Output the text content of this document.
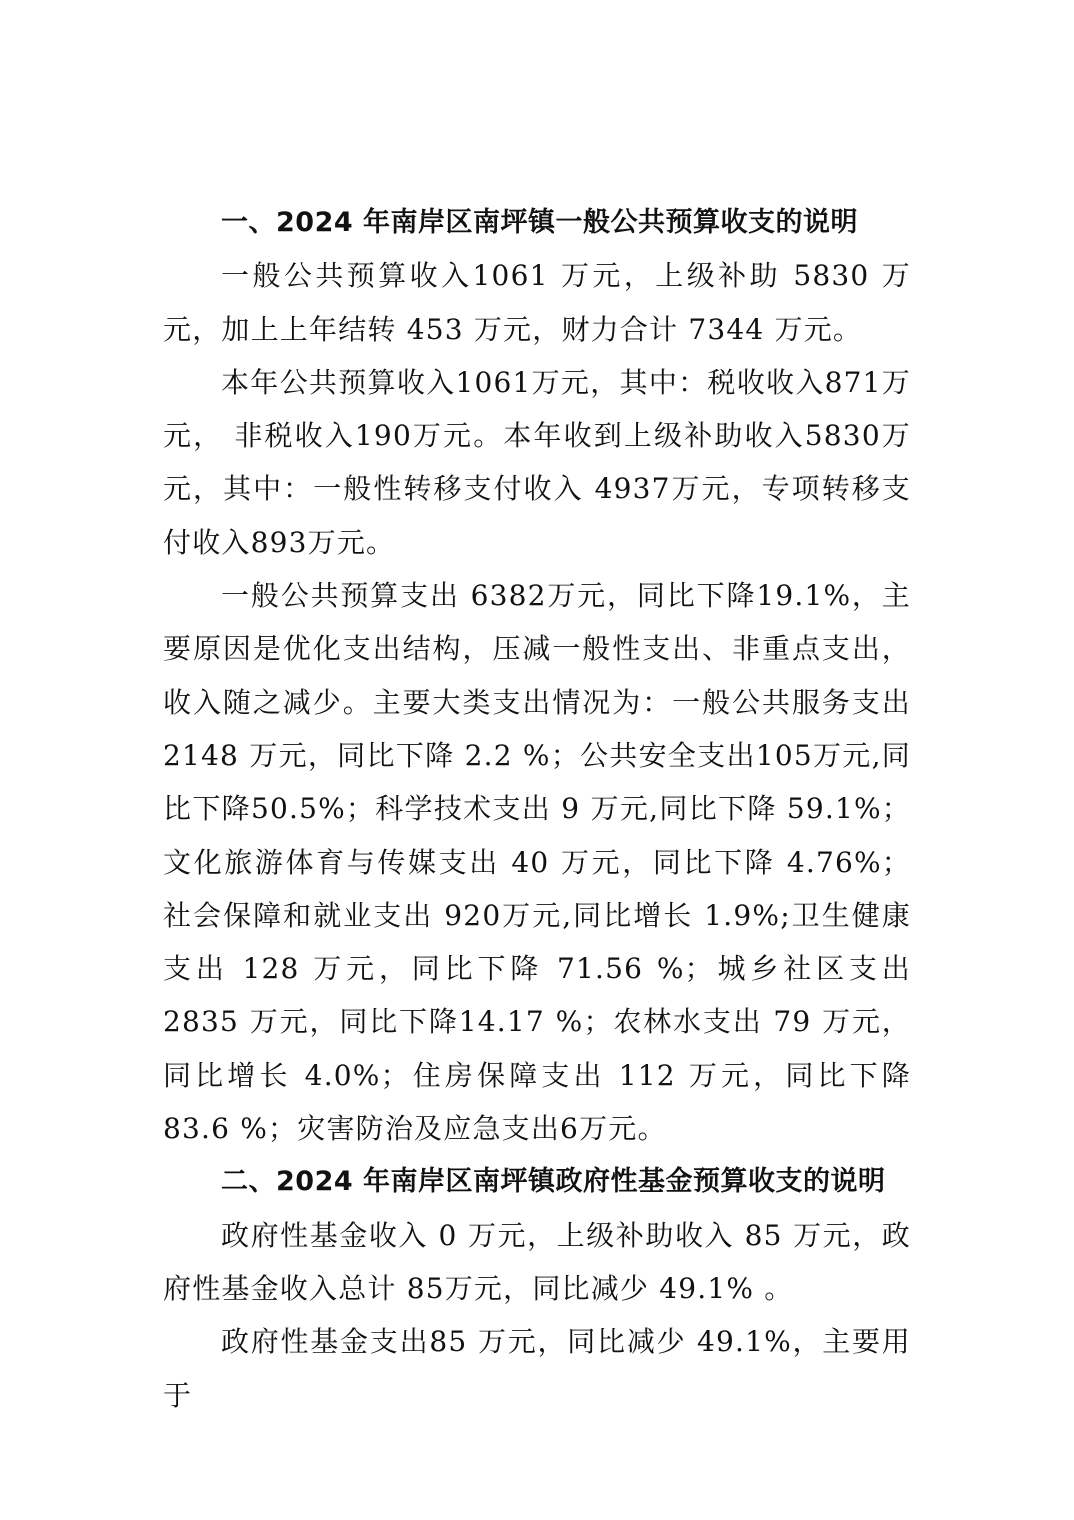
一、2024 年南岸区南坪镇一般公共预算收支的说明

一般公共预算收入1061 万元，上级补助 5830 万元，加上上年结转 453 万元，财力合计 7344 万元。

本年公共预算收入1061万元，其中：税收收入871万元， 非税收入190万元。本年收到上级补助收入5830万元，其中：一般性转移支付收入 4937万元，专项转移支付收入893万元。

一般公共预算支出 6382万元，同比下降19.1%，主要原因是优化支出结构，压减一般性支出、非重点支出，收入随之减少。主要大类支出情况为：一般公共服务支出 2148 万元，同比下降 2.2 %；公共安全支出105万元,同比下降50.5%；科学技术支出 9 万元,同比下降 59.1%；文化旅游体育与传媒支出 40 万元，同比下降 4.76%； 社会保障和就业支出 920万元,同比增长 1.9%;卫生健康支出 128 万元，同比下降 71.56 %；城乡社区支出 2835 万元，同比下降14.17 %；农林水支出 79 万元，同比增长 4.0%；住房保障支出 112 万元，同比下降 83.6 %；灾害防治及应急支出6万元。

二、2024 年南岸区南坪镇政府性基金预算收支的说明

政府性基金收入 0 万元，上级补助收入 85 万元，政府性基金收入总计 85万元，同比减少 49.1% 。

政府性基金支出85 万元，同比减少 49.1%，主要用于
